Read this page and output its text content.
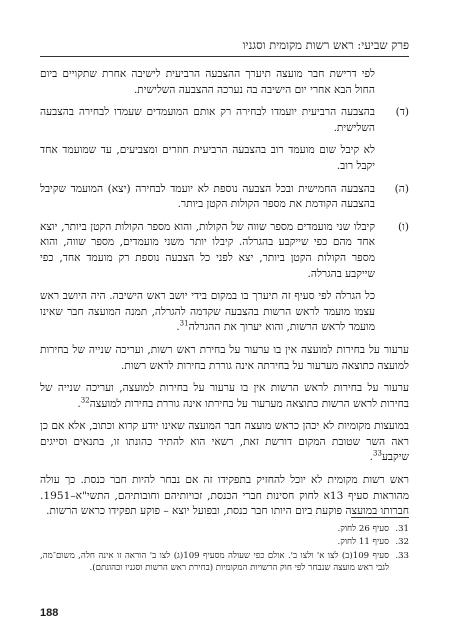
פרק שביעי: ראש רשות מקומית וסגניו

לפי דרישת חבר מועצה תיערך ההצבעה הרביעית לישיבה אחרת שתקויים ביום החול הבא אחרי יום הישיבה בה נערכה ההצבעה השלישית.

(ד)
בהצבעה הרביעית יועמדו לבחירה רק אותם המועמדים שעמדו לבחירה בהצבעה השלישית.

לא קיבל שום מועמד רוב בהצבעה הרביעית חוזרים ומצביעים, עד שמועמד אחד יקבל רוב.

(ה)
בהצבעה החמישית ובכל הצבעה נוספת לא יועמד לבחירה (יצא) המועמד שקיבל בהצבעה הקודמת את מספר הקולות הקטן ביותר.
(ו)
קיבלו שני מועמדים מספר שווה של הקולות, והוא מספר הקולות הקטן ביותר, יוצא אחד מהם כפי שייקבע בהגרלה. קיבלו יותר משני מועמדים, מספר שווה, והוא מספר הקולות הקטן ביותר, יצא לפני כל הצבעה נוספת רק מועמד אחד, כפי שייקבע בהגרלה.

כל הגרלה לפי סעיף זה תיערך בו במקום בידי יושב ראש הישיבה. היה היושב ראש עצמו מועמד לראש הרשות בהצבעה שקדמה להגרלה, תמנה המועצה חבר שאינו מועמד לראש הרשות, והוא יערוך את ההגרלה$^{31}$.

ערעור על בחירות למועצה אין בו ערעור על בחירת ראש רשות, ועריכה שנייה של בחירות למועצה כתוצאה מערעור על בחירתה אינה גוררת בחירות לראש רשות.

ערעור על בחירות לראש הרשות אין בו ערעור על בחירות למועצה, ועריכה שנייה של בחירות לראש הרשות כתוצאה מערעור על בחירתו אינה גוררת בחירות למועצה$^{32}$.

במועצות מקומיות לא יכהן כראש מועצה חבר המועצה שאינו יודע קרוא וכתוב, אלא אם כן ראה השר שטובת המקום דורשת זאת, רשאי הוא להתיר כהונתו זו, בתנאים וסייגים שיקבע$^{33}$.

ראש רשות מקומית לא יוכל להחזיק בתפקידו זה אם נבחר להיות חבר כנסת. כך עולה מהוראות סעיף 13א לחוק חסינות חברי הכנסת, זכויותיהם וחובותיהם, התשי"א–1951. חברותו במועצה פוקעת ביום היותו חבר כנסת, ובפועל יוצא – פוקע תפקידו כראש הרשות.

31.
סעיף 26 לחוק.
32.
סעיף 11 לחוק.
33.
סעיף 109(ב) לצו א' ולצו ב'. אולם כפי שעולה מסעיף 109(ג) לצו ב' הוראה זו אינה חלה, משום־מה, לגבי ראש מועצה שנבחר לפי חוק הרשויות המקומיות (בחירת ראש הרשות וסגניו וכהונתם).
188
